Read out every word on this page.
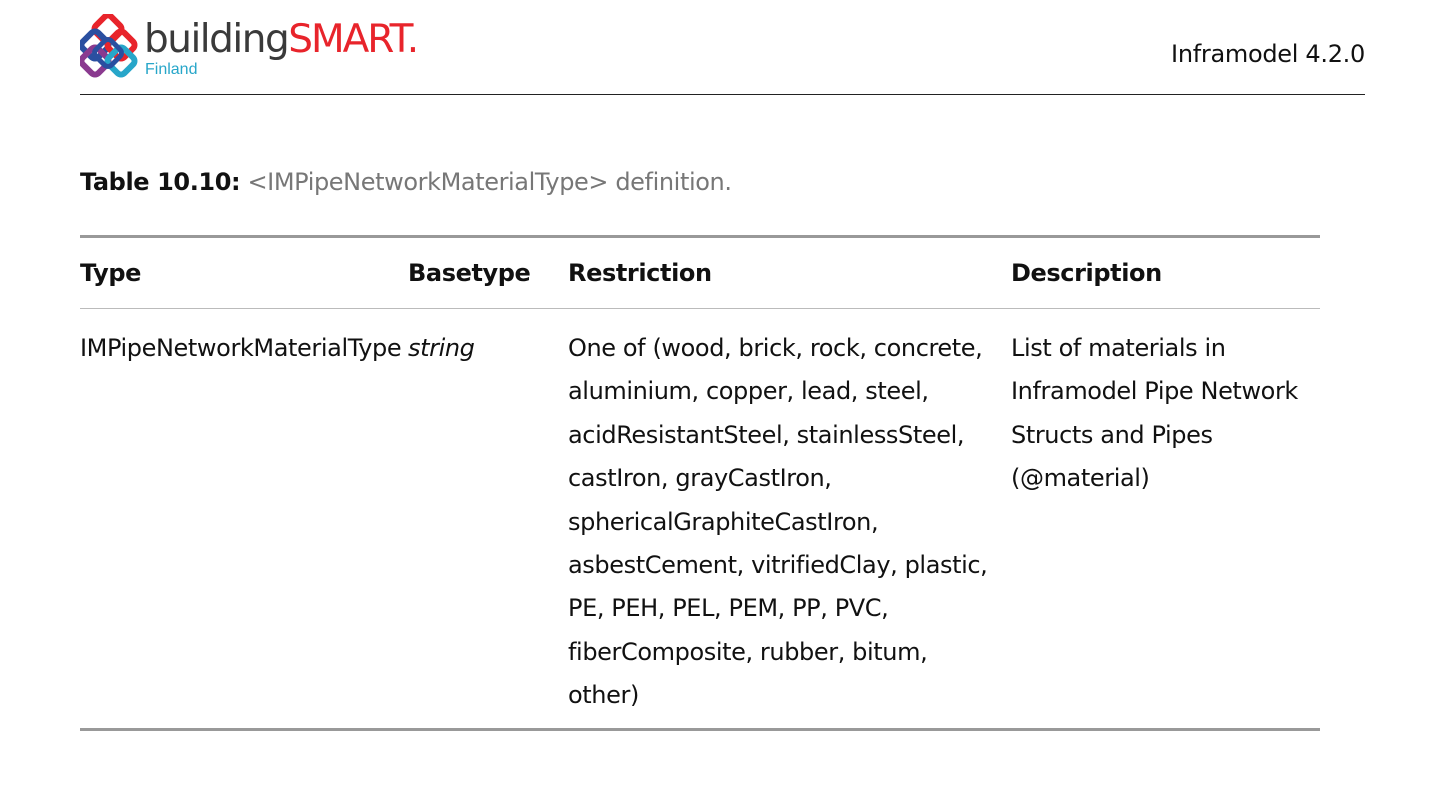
buildingSMART.
Finland
Inframodel 4.2.0
Table 10.10: <IMPipeNetworkMaterialType> definition.
Type	Basetype	Restriction	Description
IMPipeNetworkMaterialType	string	One of (wood, brick, rock, concrete, aluminium, copper, lead, steel, acidResistantSteel, stainlessSteel, castIron, grayCastIron, sphericalGraphiteCastIron, asbestCement, vitrifiedClay, plastic, PE, PEH, PEL, PEM, PP, PVC, fiberComposite, rubber, bitum, other)	List of materials in Inframodel Pipe Network Structs and Pipes (@material)
